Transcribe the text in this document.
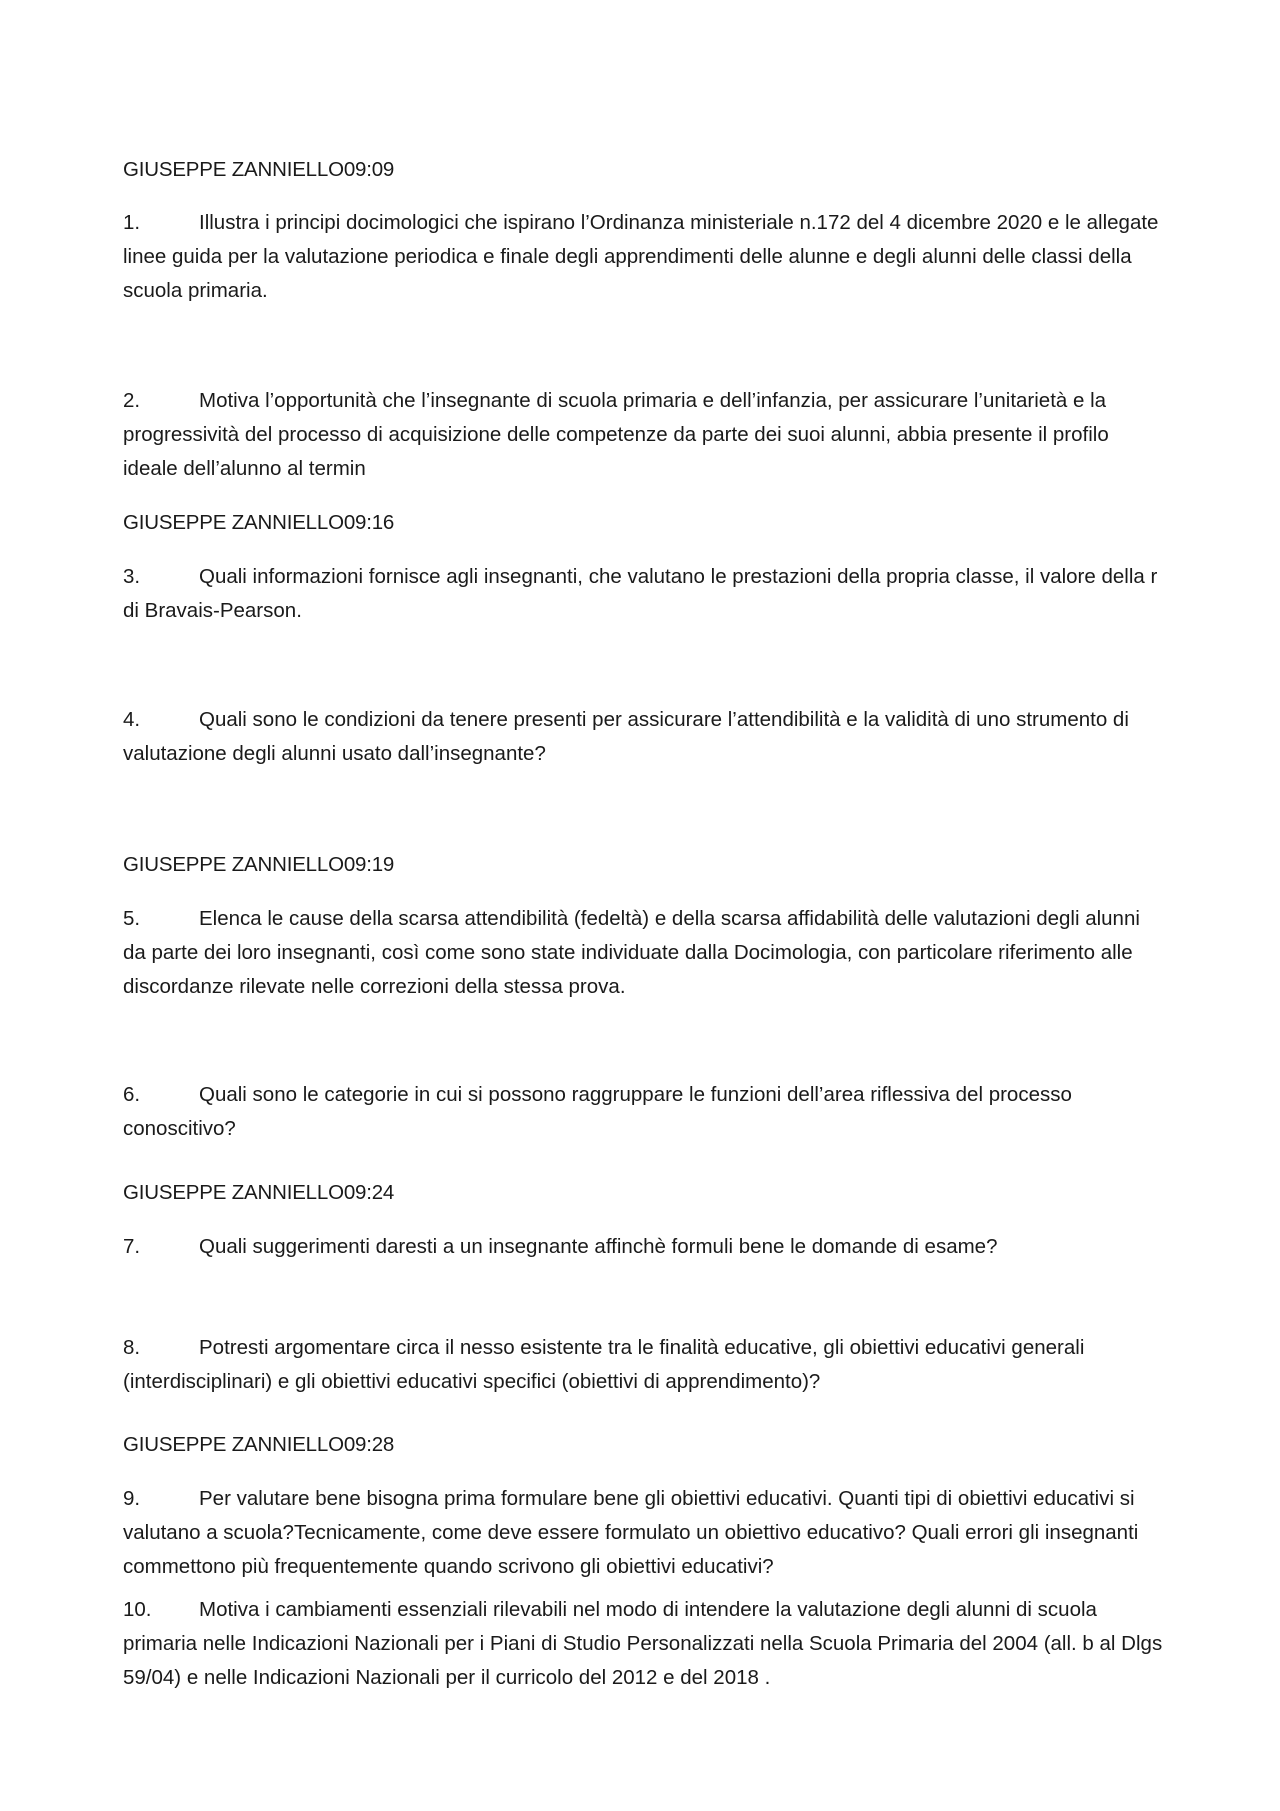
GIUSEPPE ZANNIELLO09:09

1.	Illustra i principi docimologici che ispirano l’Ordinanza ministeriale n.172 del 4 dicembre 2020 e le allegate linee guida per la valutazione periodica e finale degli apprendimenti delle alunne e degli alunni delle classi della scuola primaria.

2.	Motiva l’opportunità che l’insegnante di scuola primaria e dell’infanzia, per assicurare l’unitarietà e la progressività del processo di acquisizione delle competenze da parte dei suoi alunni, abbia presente il profilo ideale dell’alunno al termin

GIUSEPPE ZANNIELLO09:16

3.	Quali informazioni fornisce agli insegnanti, che valutano le prestazioni della propria classe, il valore della r di Bravais-Pearson.

4.	Quali sono le condizioni da tenere presenti per assicurare l’attendibilità e la validità di uno strumento di valutazione degli alunni usato dall’insegnante?

GIUSEPPE ZANNIELLO09:19

5.	Elenca le cause della scarsa attendibilità (fedeltà) e della scarsa affidabilità delle valutazioni degli alunni da parte dei loro insegnanti, così come sono state individuate dalla Docimologia, con particolare riferimento alle discordanze rilevate nelle correzioni della stessa prova.

6.	Quali sono le categorie in cui si possono raggruppare le funzioni dell’area riflessiva del processo conoscitivo?

GIUSEPPE ZANNIELLO09:24

7.	Quali suggerimenti daresti a un insegnante affinchè formuli bene le domande di esame?

8.	Potresti argomentare circa il nesso esistente tra le finalità educative, gli obiettivi educativi generali (interdisciplinari) e gli obiettivi educativi specifici (obiettivi di apprendimento)?

GIUSEPPE ZANNIELLO09:28

9.	Per valutare bene bisogna prima formulare bene gli obiettivi educativi. Quanti tipi di obiettivi educativi si valutano a scuola?Tecnicamente, come deve essere formulato un obiettivo educativo? Quali errori gli insegnanti commettono più frequentemente quando scrivono gli obiettivi educativi?

10. Motiva i cambiamenti essenziali rilevabili nel modo di intendere la valutazione degli alunni di scuola primaria nelle Indicazioni Nazionali per i Piani di Studio Personalizzati nella Scuola Primaria del 2004 (all. b al Dlgs 59/04) e nelle Indicazioni Nazionali per il curricolo del 2012 e del 2018 .
